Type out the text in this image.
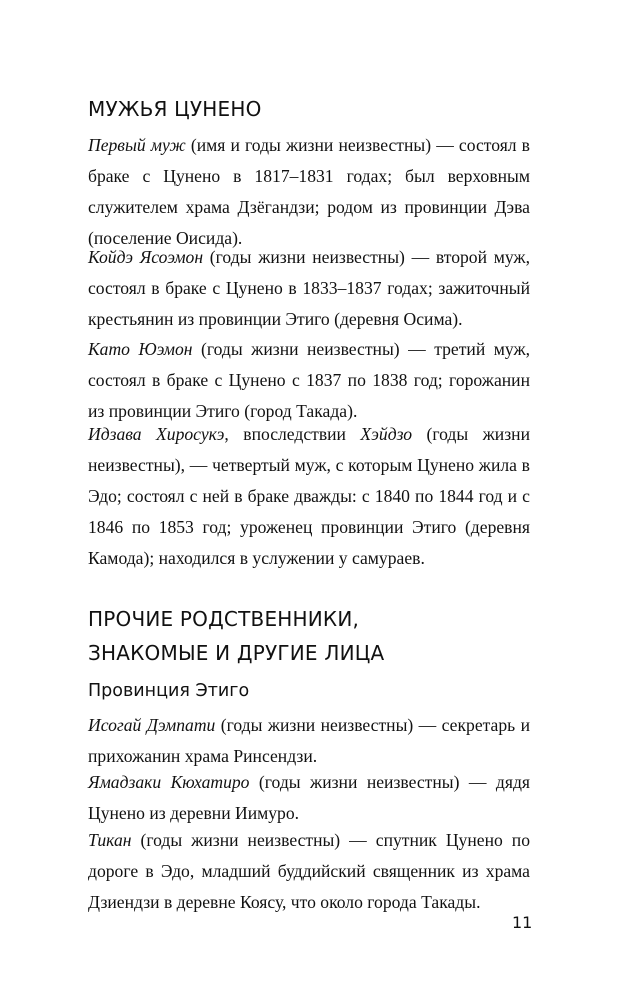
МУЖЬЯ ЦУНЕНО

Первый муж (имя и годы жизни неизвестны) — состоял в браке с Цунено в 1817–1831 годах; был верховным служителем храма Дзёгандзи; родом из провинции Дэва (поселение Оисида).

Койдэ Ясоэмон (годы жизни неизвестны) — второй муж, состоял в браке с Цунено в 1833–1837 годах; зажиточный крестьянин из провинции Этиго (деревня Осима).

Като Юэмон (годы жизни неизвестны) — третий муж, состоял в браке с Цунено с 1837 по 1838 год; горожанин из провинции Этиго (город Такада).

Идзава Хиросукэ, впоследствии Хэйдзо (годы жизни неизвестны), — четвертый муж, с которым Цунено жила в Эдо; состоял с ней в браке дважды: с 1840 по 1844 год и с 1846 по 1853 год; уроженец провинции Этиго (деревня Камода); находился в услужении у самураев.

ПРОЧИЕ РОДСТВЕННИКИ,
ЗНАКОМЫЕ И ДРУГИЕ ЛИЦА
Провинция Этиго

Исогай Дэмпати (годы жизни неизвестны) — секретарь и прихожанин храма Ринсендзи.

Ямадзаки Кюхатиро (годы жизни неизвестны) — дядя Цунено из деревни Иимуро.

Тикан (годы жизни неизвестны) — спутник Цунено по дороге в Эдо, младший буддийский священник из храма Дзиендзи в деревне Коясу, что около города Такады.

11
